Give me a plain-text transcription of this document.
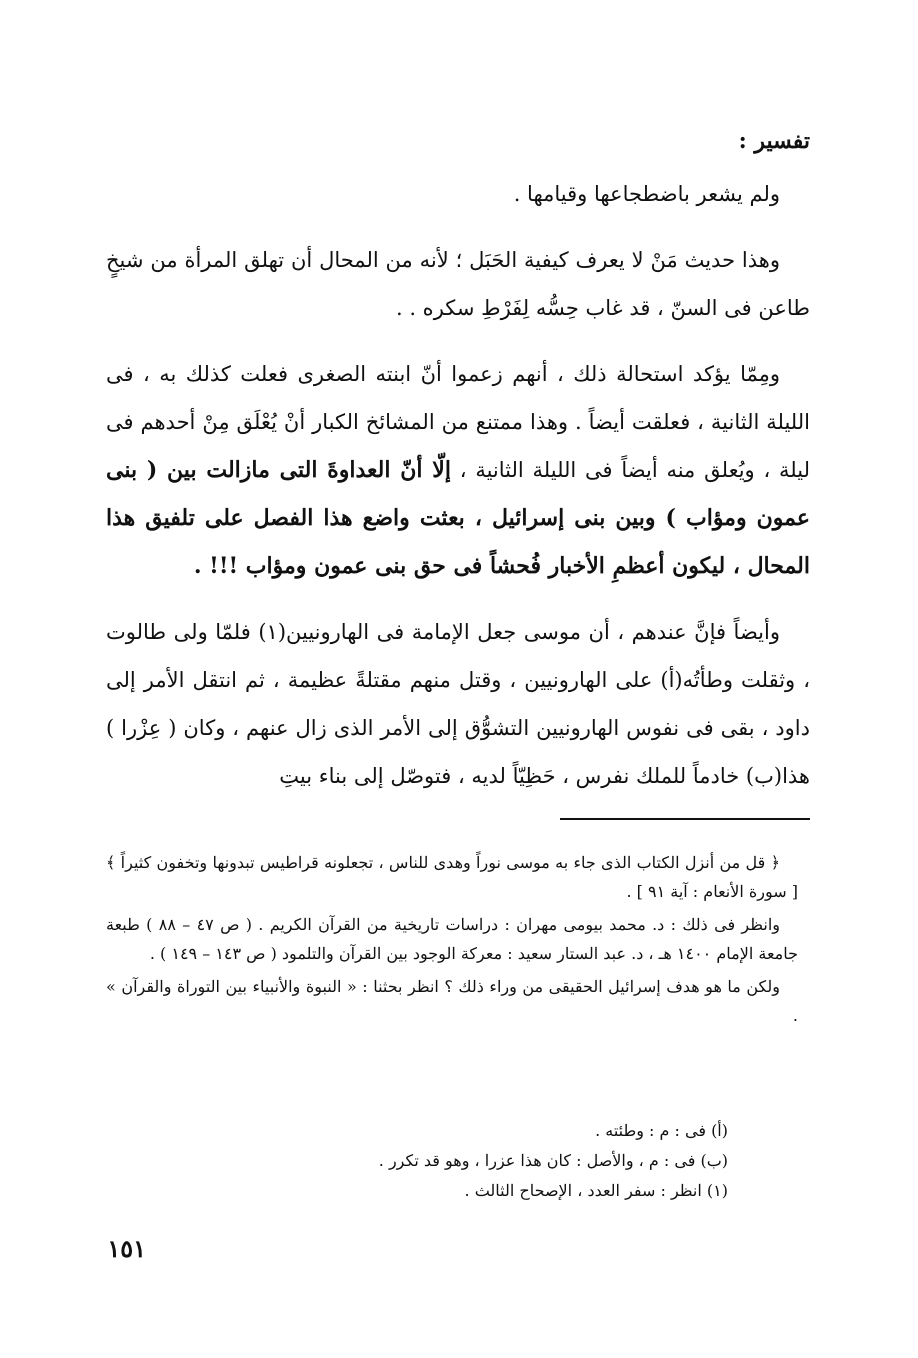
تفسير :

ولم يشعر باضطجاعها وقيامها .

وهذا حديث مَنْ لا يعرف كيفية الحَبَل ؛ لأنه من المحال أن تهلق المرأة من شيخٍ طاعن فى السنّ ، قد غاب حِسُّه لِفَرْطِ سكره . .

ومِمّا يؤكد استحالة ذلك ، أنهم زعموا أنّ ابنته الصغرى فعلت كذلك به ، فى الليلة الثانية ، فعلقت أيضاً . وهذا ممتنع من المشائخ الكبار أنْ يُعْلَق مِنْ أحدهم فى ليلة ، ويُعلق منه أيضاً فى الليلة الثانية ، إلّا أنّ العداوةَ التى مازالت بين ( بنى عمون ومؤاب ) وبين بنى إسرائيل ، بعثت واضع هذا الفصل على تلفيق هذا المحال ، ليكون أعظمِ الأخبار فُحشاً فى حق بنى عمون ومؤاب !!! .

وأيضاً فإنَّ عندهم ، أن موسى جعل الإمامة فى الهارونيين(١) فلمّا ولى طالوت ، وثقلت وطأتُه(أ) على الهارونيين ، وقتل منهم مقتلةً عظيمة ، ثم انتقل الأمر إلى داود ، بقى فى نفوس الهارونيين التشوُّق إلى الأمر الذى زال عنهم ، وكان ( عِزْرا ) هذا(ب) خادماً للملك نفرس ، حَظِيّاً لديه ، فتوصّل إلى بناء بيتِ

﴿ قل من أنزل الكتاب الذى جاء به موسى نوراً وهدى للناس ، تجعلونه قراطيس تبدونها وتخفون كثيراً ﴾ [ سورة الأنعام : آية ٩١ ] .

وانظر فى ذلك : د. محمد بيومى مهران : دراسات تاريخية من القرآن الكريم . ( ص ٤٧ – ٨٨ ) طبعة جامعة الإمام ١٤٠٠ هـ ، د. عبد الستار سعيد : معركة الوجود بين القرآن والتلمود ( ص ١٤٣ – ١٤٩ ) .

ولكن ما هو هدف إسرائيل الحقيقى من وراء ذلك ؟ انظر بحثنا : « النبوة والأنبياء بين التوراة والقرآن » .

(أ) فى : م : وطئته .
(ب) فى : م ، والأصل : كان هذا عزرا ، وهو قد تكرر .
(١) انظر : سفر العدد ، الإصحاح الثالث .
١٥١
